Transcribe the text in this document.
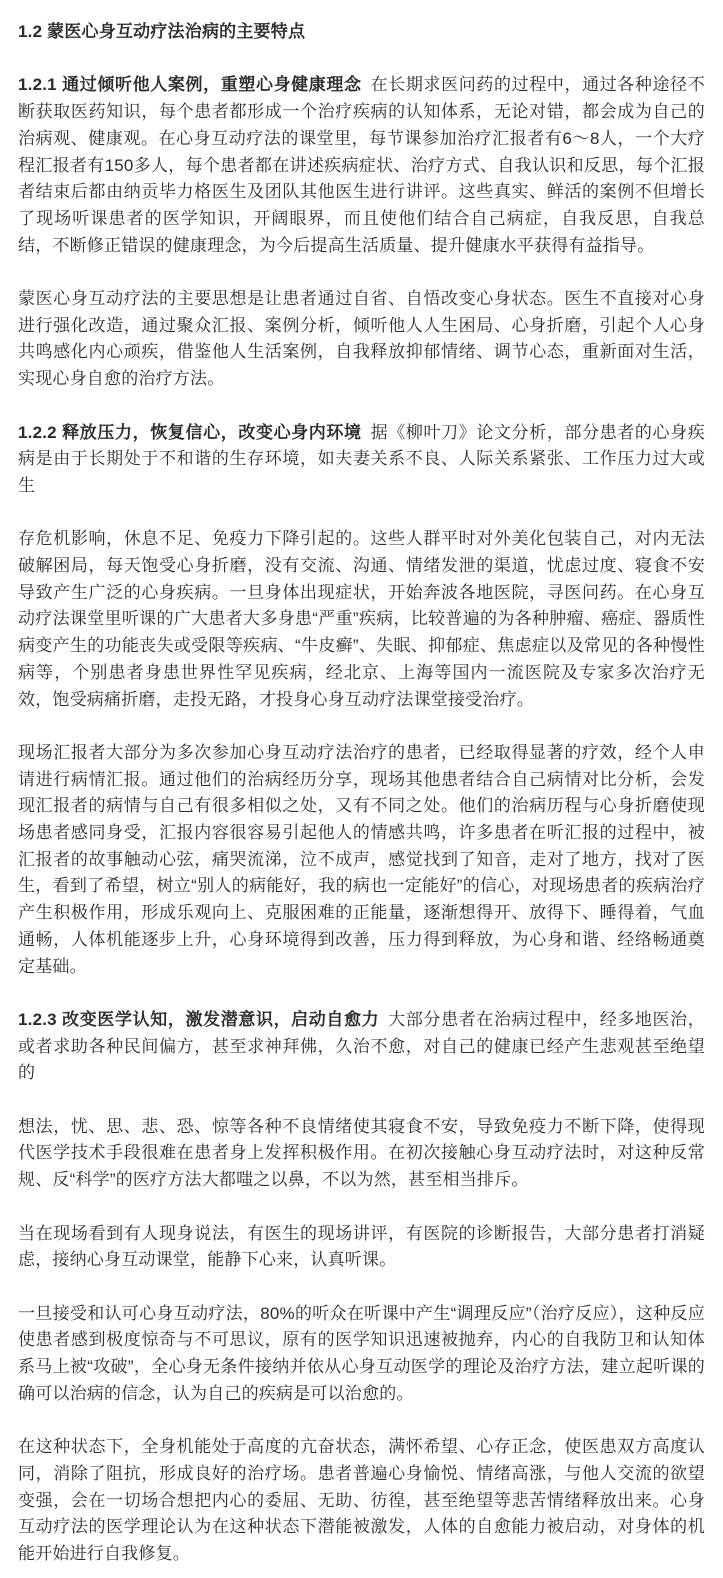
1.2 蒙医心身互动疗法治病的主要特点

1.2.1 通过倾听他人案例，重塑心身健康理念 在长期求医问药的过程中，通过各种途径不断获取医药知识，每个患者都形成一个治疗疾病的认知体系，无论对错，都会成为自己的治病观、健康观。在心身互动疗法的课堂里，每节课参加治疗汇报者有6～8人，一个大疗程汇报者有150多人，每个患者都在讲述疾病症状、治疗方式、自我认识和反思，每个汇报者结束后都由纳贡毕力格医生及团队其他医生进行讲评。这些真实、鲜活的案例不但增长了现场听课患者的医学知识，开阔眼界，而且使他们结合自己病症，自我反思，自我总结，不断修正错误的健康理念，为今后提高生活质量、提升健康水平获得有益指导。

蒙医心身互动疗法的主要思想是让患者通过自省、自悟改变心身状态。医生不直接对心身进行强化改造，通过聚众汇报、案例分析，倾听他人人生困局、心身折磨，引起个人心身共鸣感化内心顽疾，借鉴他人生活案例，自我释放抑郁情绪、调节心态，重新面对生活，实现心身自愈的治疗方法。

1.2.2 释放压力，恢复信心，改变心身内环境 据《柳叶刀》论文分析，部分患者的心身疾病是由于长期处于不和谐的生存环境，如夫妻关系不良、人际关系紧张、工作压力过大或生

存危机影响，休息不足、免疫力下降引起的。这些人群平时对外美化包装自己，对内无法破解困局，每天饱受心身折磨，没有交流、沟通、情绪发泄的渠道，忧虑过度、寝食不安导致产生广泛的心身疾病。一旦身体出现症状，开始奔波各地医院，寻医问药。在心身互动疗法课堂里听课的广大患者大多身患“严重”疾病，比较普遍的为各种肿瘤、癌症、器质性病变产生的功能丧失或受限等疾病、“牛皮癣”、失眠、抑郁症、焦虑症以及常见的各种慢性病等，个别患者身患世界性罕见疾病，经北京、上海等国内一流医院及专家多次治疗无效，饱受病痛折磨，走投无路，才投身心身互动疗法课堂接受治疗。

现场汇报者大部分为多次参加心身互动疗法治疗的患者，已经取得显著的疗效，经个人申请进行病情汇报。通过他们的治病经历分享，现场其他患者结合自己病情对比分析，会发现汇报者的病情与自己有很多相似之处，又有不同之处。他们的治病历程与心身折磨使现场患者感同身受，汇报内容很容易引起他人的情感共鸣，许多患者在听汇报的过程中，被汇报者的故事触动心弦，痛哭流涕，泣不成声，感觉找到了知音，走对了地方，找对了医生，看到了希望，树立“别人的病能好，我的病也一定能好”的信心，对现场患者的疾病治疗产生积极作用，形成乐观向上、克服困难的正能量，逐渐想得开、放得下、睡得着，气血通畅，人体机能逐步上升，心身环境得到改善，压力得到释放，为心身和谐、经络畅通奠定基础。

1.2.3 改变医学认知，激发潜意识，启动自愈力 大部分患者在治病过程中，经多地医治，或者求助各种民间偏方，甚至求神拜佛，久治不愈，对自己的健康已经产生悲观甚至绝望的

想法，忧、思、悲、恐、惊等各种不良情绪使其寝食不安，导致免疫力不断下降，使得现代医学技术手段很难在患者身上发挥积极作用。在初次接触心身互动疗法时，对这种反常规、反“科学”的医疗方法大都嗤之以鼻，不以为然，甚至相当排斥。

当在现场看到有人现身说法，有医生的现场讲评，有医院的诊断报告，大部分患者打消疑虑，接纳心身互动课堂，能静下心来，认真听课。

一旦接受和认可心身互动疗法，80%的听众在听课中产生“调理反应”（治疗反应），这种反应使患者感到极度惊奇与不可思议，原有的医学知识迅速被抛弃，内心的自我防卫和认知体系马上被“攻破”，全心身无条件接纳并依从心身互动医学的理论及治疗方法，建立起听课的确可以治病的信念，认为自己的疾病是可以治愈的。

在这种状态下，全身机能处于高度的亢奋状态，满怀希望、心存正念，使医患双方高度认同，消除了阻抗，形成良好的治疗场。患者普遍心身愉悦、情绪高涨，与他人交流的欲望变强，会在一切场合想把内心的委屈、无助、彷徨，甚至绝望等悲苦情绪释放出来。心身互动疗法的医学理论认为在这种状态下潜能被激发，人体的自愈能力被启动，对身体的机能开始进行自我修复。
